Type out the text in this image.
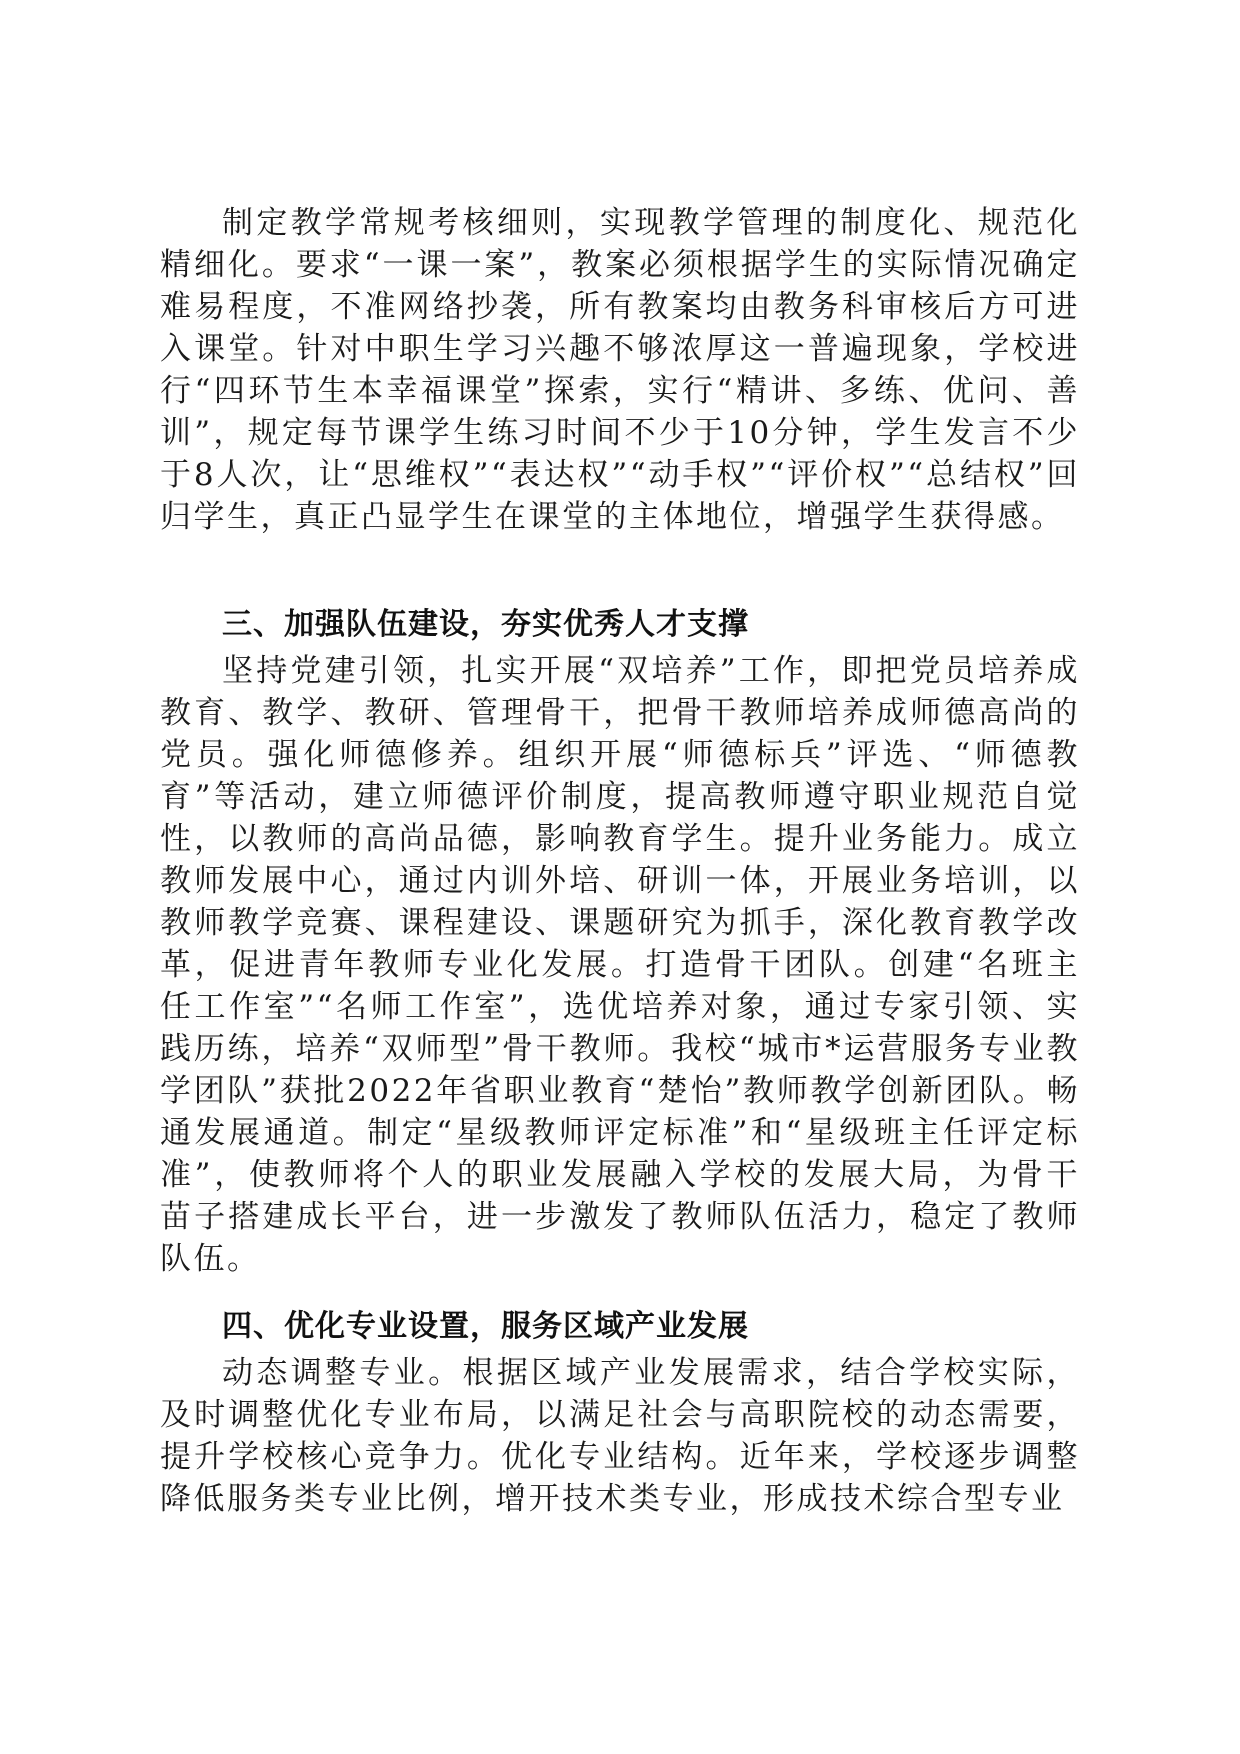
制定教学常规考核细则，实现教学管理的制度化、规范化精细化。要求“一课一案”，教案必须根据学生的实际情况确定难易程度，不准网络抄袭，所有教案均由教务科审核后方可进入课堂。针对中职生学习兴趣不够浓厚这一普遍现象，学校进行“四环节生本幸福课堂”探索，实行“精讲、多练、优问、善训”，规定每节课学生练习时间不少于10分钟，学生发言不少于8人次，让“思维权”“表达权”“动手权”“评价权”“总结权”回归学生，真正凸显学生在课堂的主体地位，增强学生获得感。

三、加强队伍建设，夯实优秀人才支撑

坚持党建引领，扎实开展“双培养”工作，即把党员培养成教育、教学、教研、管理骨干，把骨干教师培养成师德高尚的党员。强化师德修养。组织开展“师德标兵”评选、“师德教育”等活动，建立师德评价制度，提高教师遵守职业规范自觉性，以教师的高尚品德，影响教育学生。提升业务能力。成立教师发展中心，通过内训外培、研训一体，开展业务培训，以教师教学竞赛、课程建设、课题研究为抓手，深化教育教学改革，促进青年教师专业化发展。打造骨干团队。创建“名班主任工作室”“名师工作室”，选优培养对象，通过专家引领、实践历练，培养“双师型”骨干教师。我校“城市*运营服务专业教学团队”获批2022年省职业教育“楚怡”教师教学创新团队。畅通发展通道。制定“星级教师评定标准”和“星级班主任评定标准”，使教师将个人的职业发展融入学校的发展大局，为骨干苗子搭建成长平台，进一步激发了教师队伍活力，稳定了教师队伍。

四、优化专业设置，服务区域产业发展

动态调整专业。根据区域产业发展需求，结合学校实际，及时调整优化专业布局，以满足社会与高职院校的动态需要，提升学校核心竞争力。优化专业结构。近年来，学校逐步调整降低服务类专业比例，增开技术类专业，形成技术综合型专业
